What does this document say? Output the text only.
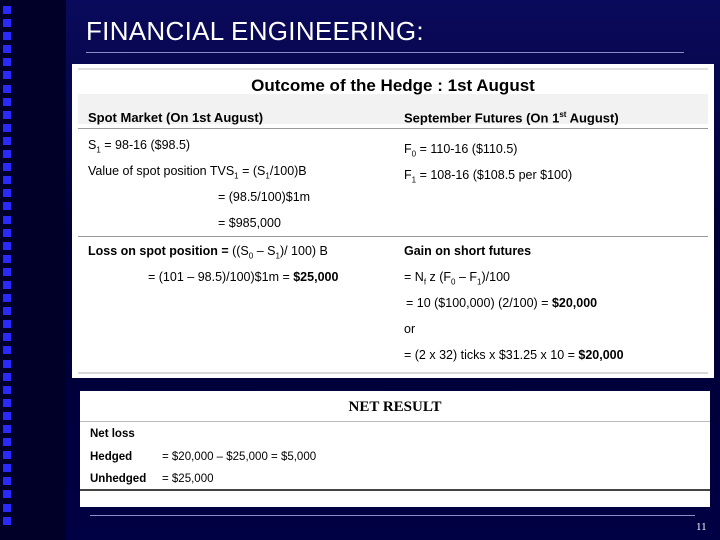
FINANCIAL ENGINEERING:
Outcome of the Hedge : 1st August
Spot Market (On 1st August)	September Futures (On 1st August)
$S_1 = 98-16$ ($98.5)
Value of spot position $TVS_1 = (S_1/100)B$
= (98.5/100)$1m
= $985,000
$F_0 = 110-16$ ($110.5)
$F_1 = 108-16$ ($108.5 per $100)
Loss on spot position = ($(S_0 - S_1)/$ 100) B
= (101 – 98.5)/100)$1m = $25,000
Gain on short futures
= $N_f$ z $(F_0 - F_1)/100$
= 10 ($100,000) (2/100) = $20,000
or
= (2 x 32) ticks x $31.25 x 10 = $20,000
NET RESULT
Net loss
Hedged	= $20,000 – $25,000 = $5,000
Unhedged = $25,000
11
